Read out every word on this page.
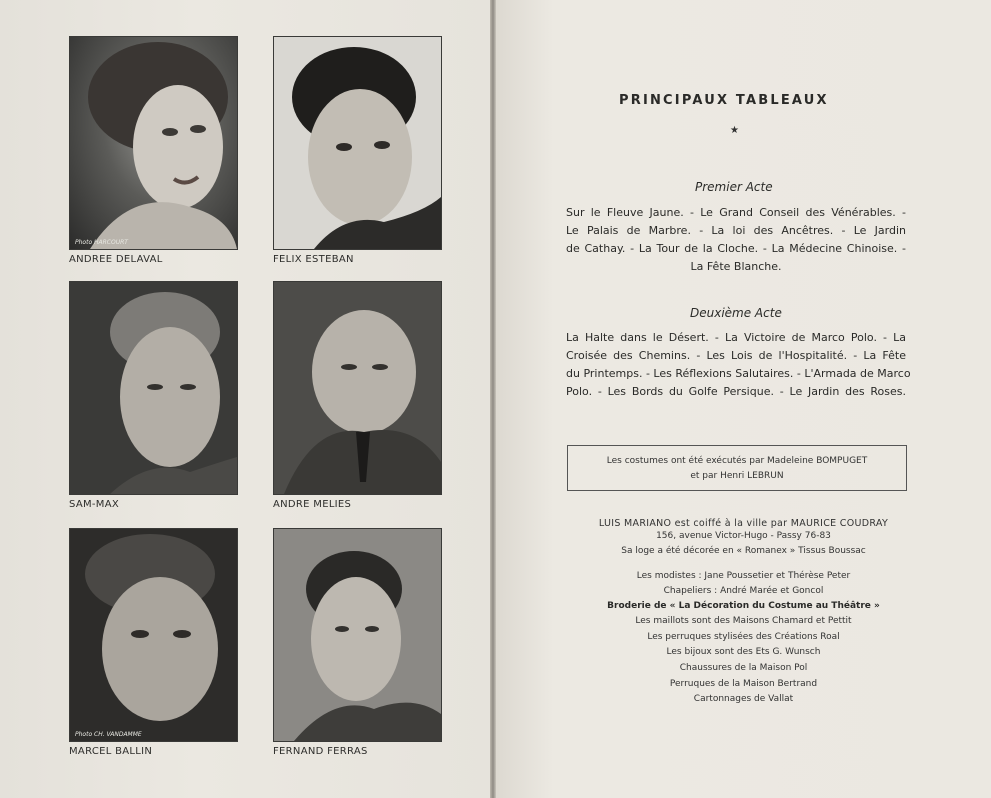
Photo HARCOURT
ANDREE DELAVAL	FELIX ESTEBAN
SAM-MAX	ANDRE MELIES
Photo CH. VANDAMME
MARCEL BALLIN	FERNAND FERRAS
PRINCIPAUX TABLEAUX
★
Premier Acte
Sur le Fleuve Jaune. - Le Grand Conseil des Vénérables. -
Le Palais de Marbre. - La loi des Ancêtres. - Le Jardin
de Cathay. - La Tour de la Cloche. - La Médecine Chinoise. -
La Fête Blanche.
Deuxième Acte
La Halte dans le Désert. - La Victoire de Marco Polo. - La
Croisée des Chemins. - Les Lois de l'Hospitalité. - La Fête
du Printemps. - Les Réflexions Salutaires. - L'Armada de Marco
Polo. - Les Bords du Golfe Persique. - Le Jardin des Roses.
Les costumes ont été exécutés par Madeleine BOMPUGET
et par Henri LEBRUN
LUIS MARIANO est coiffé à la ville par MAURICE COUDRAY
156, avenue Victor-Hugo - Passy 76-83
Sa loge a été décorée en « Romanex » Tissus Boussac
Les modistes : Jane Poussetier et Thérèse Peter
Chapeliers : André Marée et Goncol
Broderie de « La Décoration du Costume au Théâtre »
Les maillots sont des Maisons Chamard et Pettit
Les perruques stylisées des Créations Roal
Les bijoux sont des Ets G. Wunsch
Chaussures de la Maison Pol
Perruques de la Maison Bertrand
Cartonnages de Vallat
